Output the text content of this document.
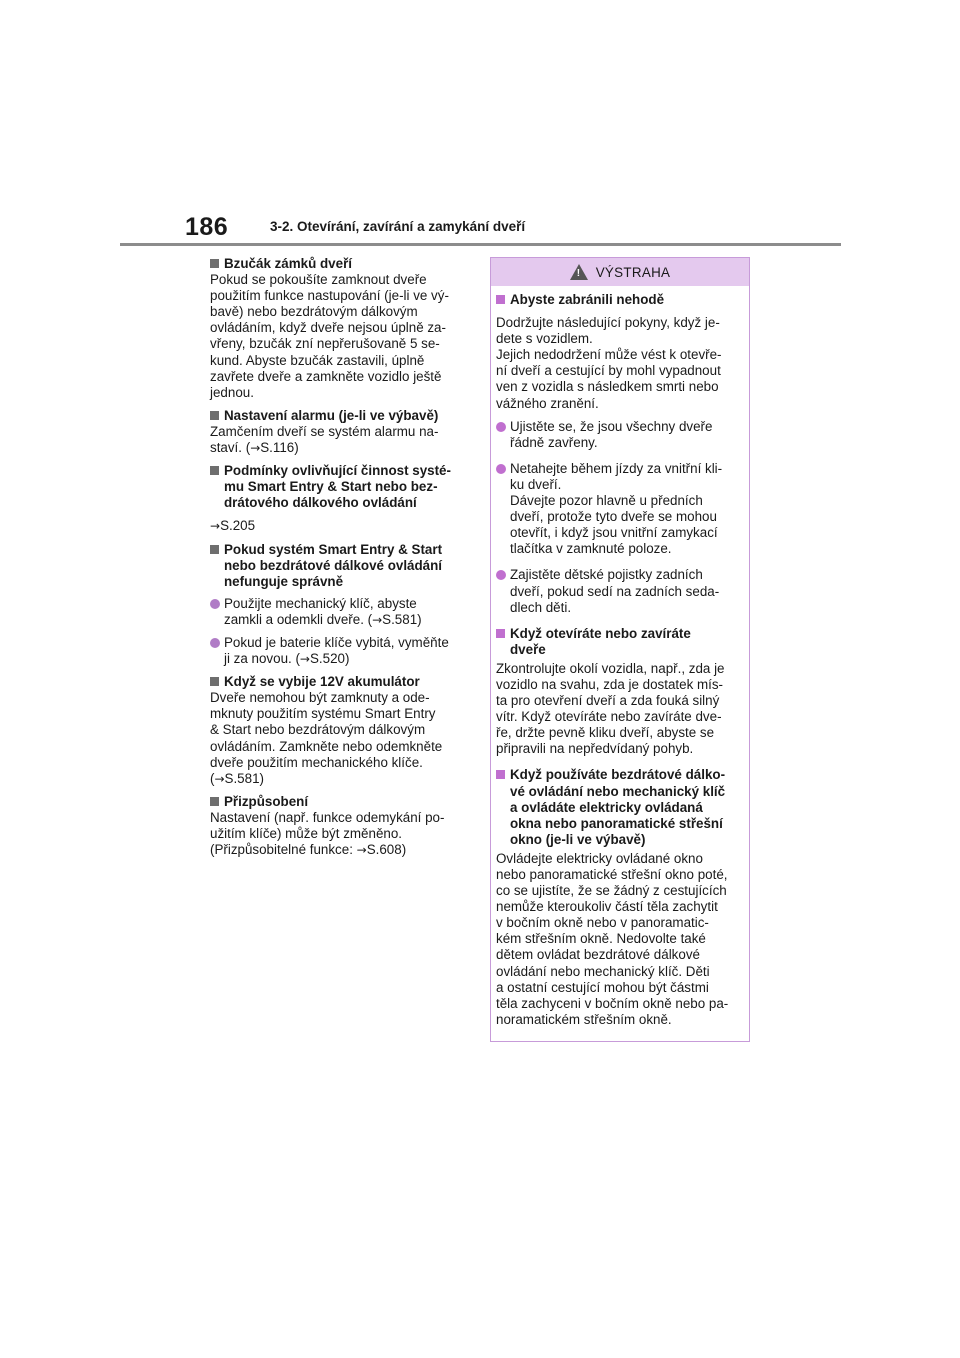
186	3-2. Otevírání, zavírání a zamykání dveří
Bzučák zámků dveří
Pokud se pokoušíte zamknout dveře
použitím funkce nastupování (je-li ve vý-
bavě) nebo bezdrátovým dálkovým
ovládáním, když dveře nejsou úplně za-
vřeny, bzučák zní nepřerušovaně 5 se-
kund. Abyste bzučák zastavili, úplně
zavřete dveře a zamkněte vozidlo ještě
jednou.
Nastavení alarmu (je-li ve výbavě)
Zamčením dveří se systém alarmu na-
staví. (→S.116)
Podmínky ovlivňující činnost systé-
mu Smart Entry & Start nebo bez-
drátového dálkového ovládání
→S.205
Pokud systém Smart Entry & Start
nebo bezdrátové dálkové ovládání
nefunguje správně
Použijte mechanický klíč, abyste
zamkli a odemkli dveře. (→S.581)
Pokud je baterie klíče vybitá, vyměňte
ji za novou. (→S.520)
Když se vybije 12V akumulátor
Dveře nemohou být zamknuty a ode-
mknuty použitím systému Smart Entry
& Start nebo bezdrátovým dálkovým
ovládáním. Zamkněte nebo odemkněte
dveře použitím mechanického klíče.
(→S.581)
Přizpůsobení
Nastavení (např. funkce odemykání po-
užitím klíče) může být změněno.
(Přizpůsobitelné funkce: →S.608)
! VÝSTRAHA
Abyste zabránili nehodě
Dodržujte následující pokyny, když je-
dete s vozidlem.
Jejich nedodržení může vést k otevře-
ní dveří a cestující by mohl vypadnout
ven z vozidla s následkem smrti nebo
vážného zranění.
Ujistěte se, že jsou všechny dveře
řádně zavřeny.
Netahejte během jízdy za vnitřní kli-
ku dveří.
Dávejte pozor hlavně u předních
dveří, protože tyto dveře se mohou
otevřít, i když jsou vnitřní zamykací
tlačítka v zamknuté poloze.
Zajistěte dětské pojistky zadních
dveří, pokud sedí na zadních seda-
dlech děti.
Když otevíráte nebo zavíráte
dveře
Zkontrolujte okolí vozidla, např., zda je
vozidlo na svahu, zda je dostatek mís-
ta pro otevření dveří a zda fouká silný
vítr. Když otevíráte nebo zavíráte dve-
ře, držte pevně kliku dveří, abyste se
připravili na nepředvídaný pohyb.
Když používáte bezdrátové dálko-
vé ovládání nebo mechanický klíč
a ovládáte elektricky ovládaná
okna nebo panoramatické střešní
okno (je-li ve výbavě)
Ovládejte elektricky ovládané okno
nebo panoramatické střešní okno poté,
co se ujistíte, že se žádný z cestujících
nemůže kteroukoliv částí těla zachytit
v bočním okně nebo v panoramatic-
kém střešním okně. Nedovolte také
dětem ovládat bezdrátové dálkové
ovládání nebo mechanický klíč. Děti
a ostatní cestující mohou být částmi
těla zachyceni v bočním okně nebo pa-
noramatickém střešním okně.
